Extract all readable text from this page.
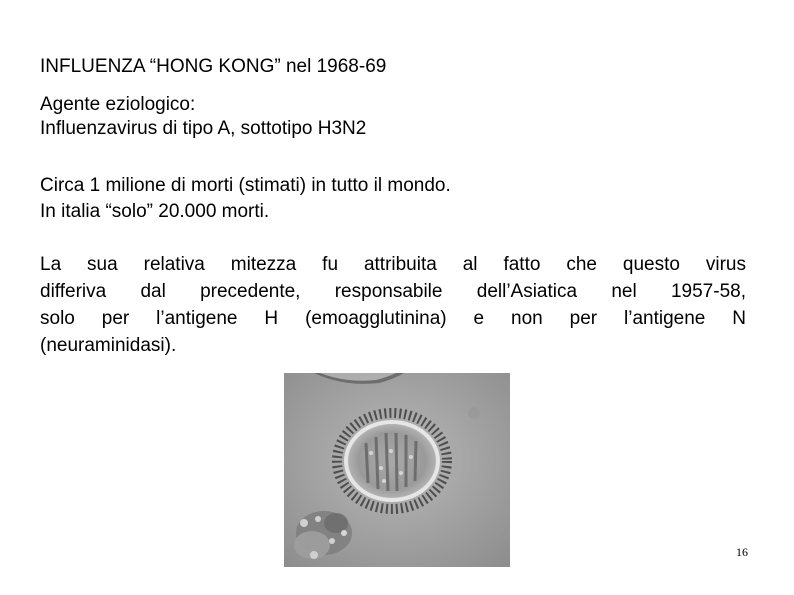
INFLUENZA “HONG KONG” nel 1968-69
Agente eziologico:
Influenzavirus di tipo A, sottotipo H3N2
Circa 1 milione di morti (stimati) in tutto il mondo.
In italia “solo” 20.000 morti.
La sua relativa mitezza fu attribuita al fatto che questo virus
differiva dal precedente, responsabile dell’Asiatica nel 1957-58,
solo per l’antigene H (emoagglutinina) e non per l’antigene N
(neuraminidasi).
16
